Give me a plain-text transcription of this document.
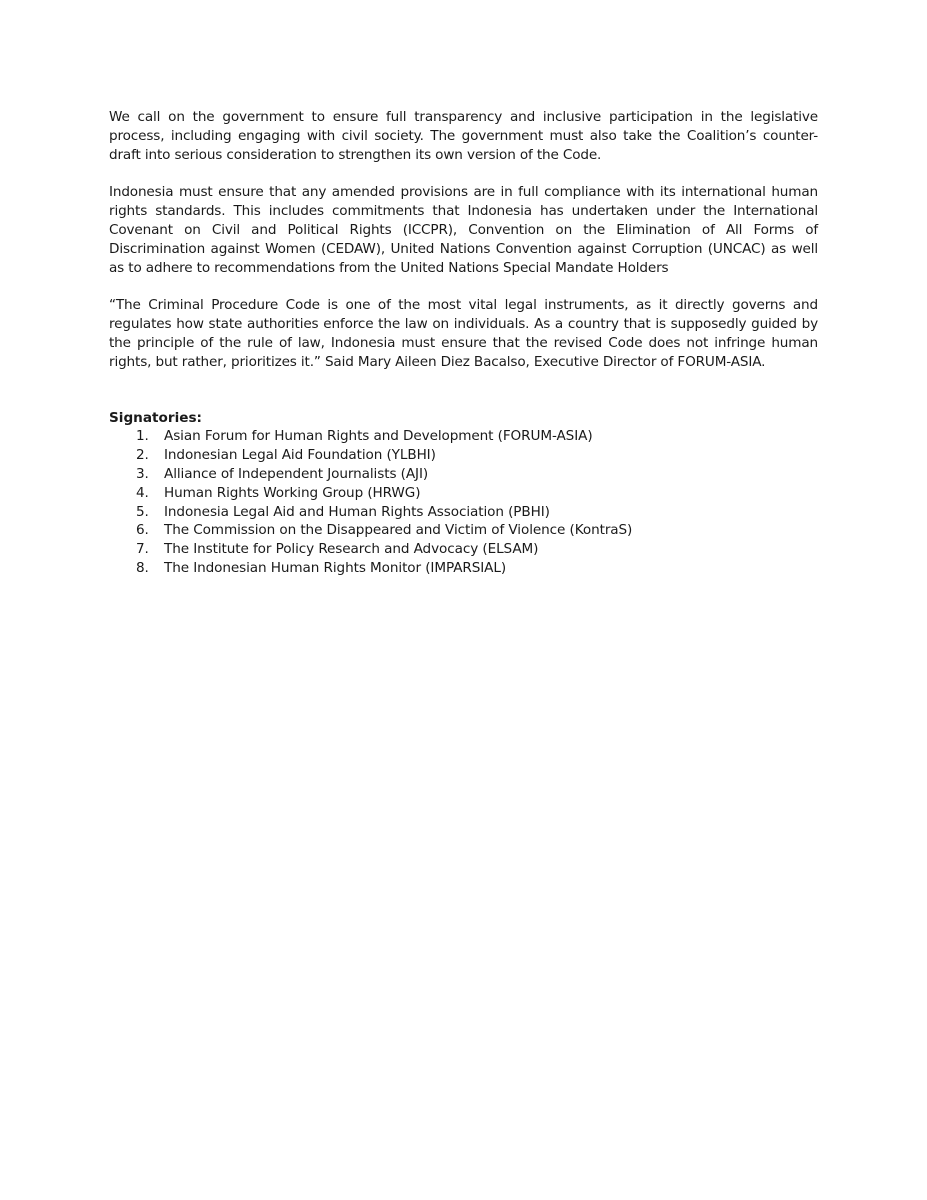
We call on the government to ensure full transparency and inclusive participation in the legislative process, including engaging with civil society. The government must also take the Coalition’s counter-draft into serious consideration to strengthen its own version of the Code.

Indonesia must ensure that any amended provisions are in full compliance with its international human rights standards. This includes commitments that Indonesia has undertaken under the International Covenant on Civil and Political Rights (ICCPR), Convention on the Elimination of All Forms of Discrimination against Women (CEDAW), United Nations Convention against Corruption (UNCAC) as well as to adhere to recommendations from the United Nations Special Mandate Holders

“The Criminal Procedure Code is one of the most vital legal instruments, as it directly governs and regulates how state authorities enforce the law on individuals. As a country that is supposedly guided by the principle of the rule of law, Indonesia must ensure that the revised Code does not infringe human rights, but rather, prioritizes it.” Said Mary Aileen Diez Bacalso, Executive Director of FORUM-ASIA.

Signatories:

1. Asian Forum for Human Rights and Development (FORUM-ASIA)
2. Indonesian Legal Aid Foundation (YLBHI)
3. Alliance of Independent Journalists (AJI)
4. Human Rights Working Group (HRWG)
5. Indonesia Legal Aid and Human Rights Association (PBHI)
6. The Commission on the Disappeared and Victim of Violence (KontraS)
7. The Institute for Policy Research and Advocacy (ELSAM)
8. The Indonesian Human Rights Monitor (IMPARSIAL)
